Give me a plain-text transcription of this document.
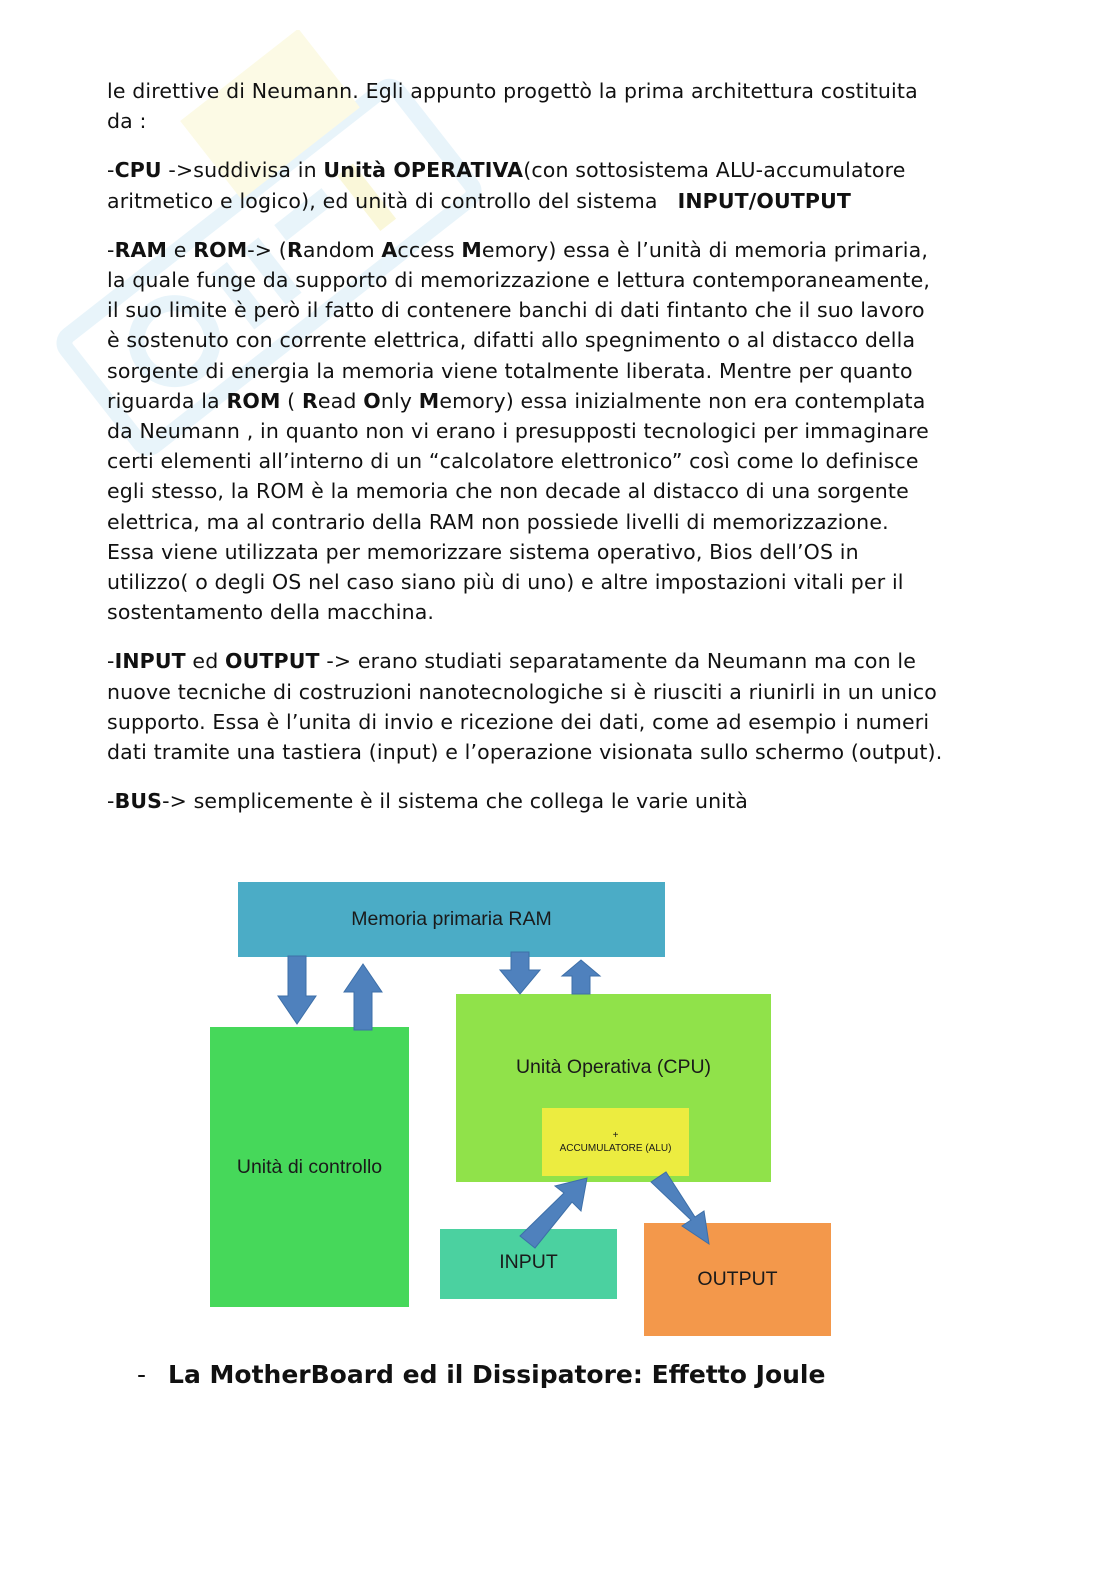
le direttive di Neumann. Egli appunto progettò la prima architettura costituita
da :

-CPU ->suddivisa in Unità OPERATIVA(con sottosistema ALU-accumulatore
aritmetico e logico), ed unità di controllo del sistema INPUT/OUTPUT

-RAM e ROM-> (Random Access Memory) essa è l’unità di memoria primaria,
la quale funge da supporto di memorizzazione e lettura contemporaneamente,
il suo limite è però il fatto di contenere banchi di dati fintanto che il suo lavoro
è sostenuto con corrente elettrica, difatti allo spegnimento o al distacco della
sorgente di energia la memoria viene totalmente liberata. Mentre per quanto
riguarda la ROM ( Read Only Memory) essa inizialmente non era contemplata
da Neumann , in quanto non vi erano i presupposti tecnologici per immaginare
certi elementi all’interno di un “calcolatore elettronico” così come lo definisce
egli stesso, la ROM è la memoria che non decade al distacco di una sorgente
elettrica, ma al contrario della RAM non possiede livelli di memorizzazione.
Essa viene utilizzata per memorizzare sistema operativo, Bios dell’OS in
utilizzo( o degli OS nel caso siano più di uno) e altre impostazioni vitali per il
sostentamento della macchina.

-INPUT ed OUTPUT -> erano studiati separatamente da Neumann ma con le
nuove tecniche di costruzioni nanotecnologiche si è riusciti a riunirli in un unico
supporto. Essa è l’unita di invio e ricezione dei dati, come ad esempio i numeri
dati tramite una tastiera (input) e l’operazione visionata sullo schermo (output).

-BUS-> semplicemente è il sistema che collega le varie unità

Memoria primaria RAM
Unità di controllo
Unità Operativa (CPU)
+
ACCUMULATORE (ALU)
INPUT
OUTPUT
- La MotherBoard ed il Dissipatore: Effetto Joule
